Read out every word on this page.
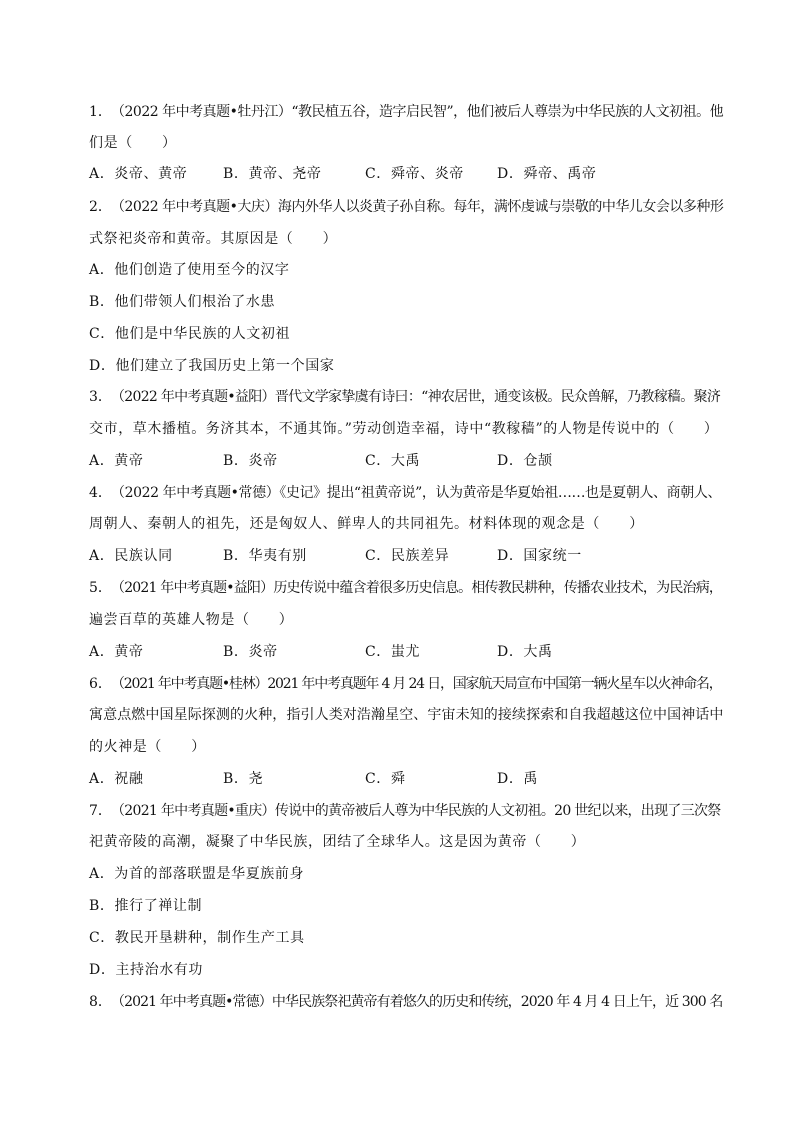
1． （2022 年中考真题•牡丹江）“教民植五谷，造字启民智”，他们被后人尊崇为中华民族的人文初祖。他
们是（　　）
A．炎帝、黄帝	B．黄帝、尧帝	C．舜帝、炎帝 D．舜帝、禹帝
2． （2022 年中考真题•大庆）海内外华人以炎黄子孙自称。每年，满怀虔诚与崇敬的中华儿女会以多种形
式祭祀炎帝和黄帝。其原因是（　　）
A．他们创造了使用至今的汉字
B．他们带领人们根治了水患
C．他们是中华民族的人文初祖
D．他们建立了我国历史上第一个国家
3． （2022 年中考真题•益阳）晋代文学家挚虞有诗曰：“神农居世，通变该极。民众兽解，乃教稼穑。聚济
交市，草木播植。务济其本，不通其饰。”劳动创造幸福，诗中“教稼穑”的人物是传说中的（　　）
A．黄帝	B．炎帝	C．大禹	D．仓颉
4． （2022 年中考真题•常德）《史记》提出“祖黄帝说”，认为黄帝是华夏始祖……也是夏朝人、商朝人、
周朝人、秦朝人的祖先，还是匈奴人、鲜卑人的共同祖先。材料体现的观念是（　　）
A．民族认同	B．华夷有别	C．民族差异	D．国家统一
5． （2021 年中考真题•益阳）历史传说中蕴含着很多历史信息。相传教民耕种，传播农业技术，为民治病，
遍尝百草的英雄人物是（　　）
A．黄帝	B．炎帝	C．蚩尤	D．大禹
6． （2021 年中考真题•桂林）2021 年中考真题年 4 月 24 日，国家航天局宣布中国第一辆火星车以火神命名，
寓意点燃中国星际探测的火种，指引人类对浩瀚星空、宇宙未知的接续探索和自我超越这位中国神话中
的火神是（　　）
A．祝融	B．尧	C．舜	D．禹
7． （2021 年中考真题•重庆）传说中的黄帝被后人尊为中华民族的人文初祖。20 世纪以来，出现了三次祭
祀黄帝陵的高潮，凝聚了中华民族，团结了全球华人。这是因为黄帝（　　）
A．为首的部落联盟是华夏族前身
B．推行了禅让制
C．教民开垦耕种，制作生产工具
D．主持治水有功
8． （2021 年中考真题•常德）中华民族祭祀黄帝有着悠久的历史和传统，2020 年 4 月 4 日上午，近 300 名
